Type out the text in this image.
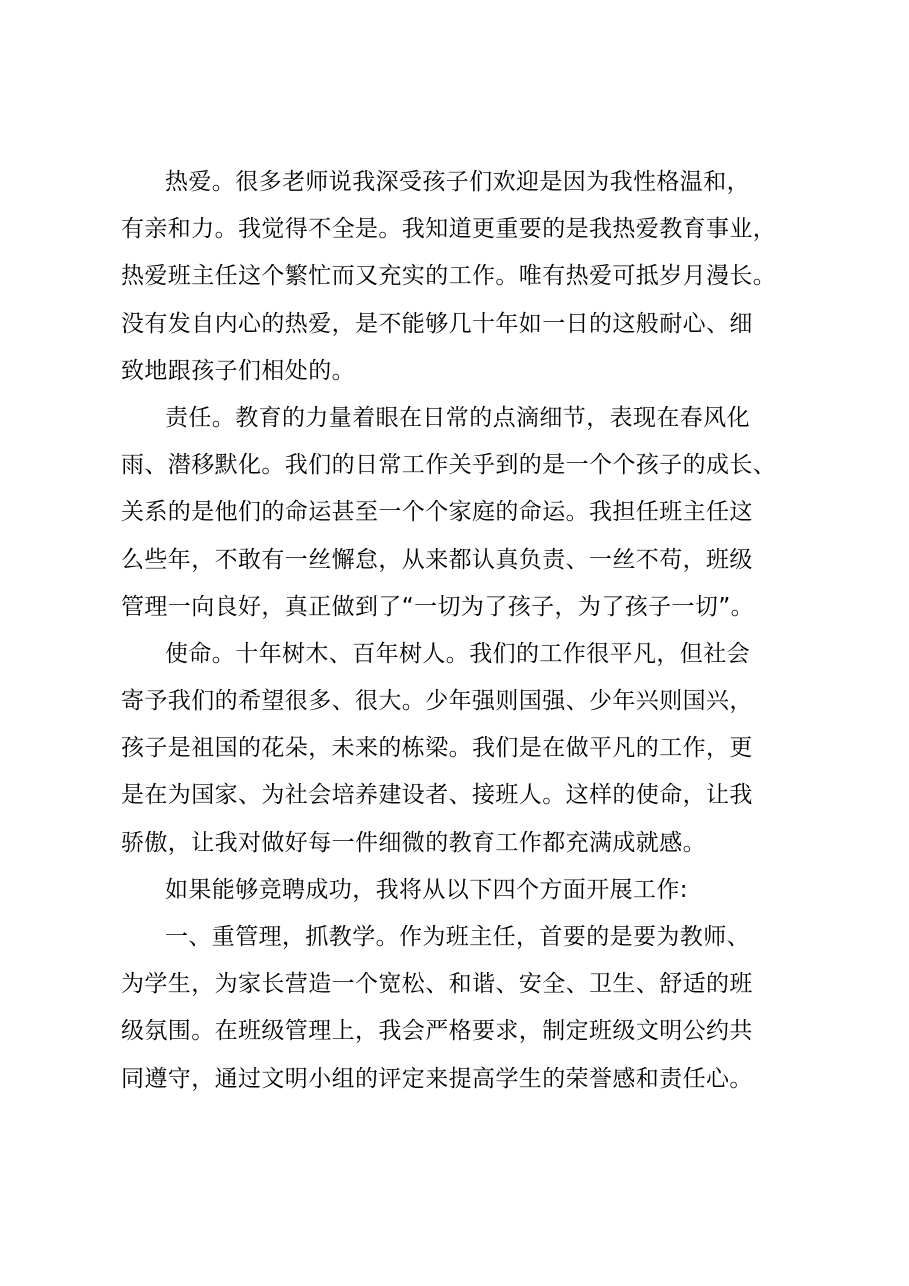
热爱。很多老师说我深受孩子们欢迎是因为我性格温和，
有亲和力。我觉得不全是。我知道更重要的是我热爱教育事业，
热爱班主任这个繁忙而又充实的工作。唯有热爱可抵岁月漫长。
没有发自内心的热爱，是不能够几十年如一日的这般耐心、细
致地跟孩子们相处的。
责任。教育的力量着眼在日常的点滴细节，表现在春风化
雨、潜移默化。我们的日常工作关乎到的是一个个孩子的成长、
关系的是他们的命运甚至一个个家庭的命运。我担任班主任这
么些年，不敢有一丝懈怠，从来都认真负责、一丝不苟，班级
管理一向良好，真正做到了“一切为了孩子，为了孩子一切”。
使命。十年树木、百年树人。我们的工作很平凡，但社会
寄予我们的希望很多、很大。少年强则国强、少年兴则国兴，
孩子是祖国的花朵，未来的栋梁。我们是在做平凡的工作，更
是在为国家、为社会培养建设者、接班人。这样的使命，让我
骄傲，让我对做好每一件细微的教育工作都充满成就感。
如果能够竞聘成功，我将从以下四个方面开展工作:
一、重管理，抓教学。作为班主任，首要的是要为教师、
为学生，为家长营造一个宽松、和谐、安全、卫生、舒适的班
级氛围。在班级管理上，我会严格要求，制定班级文明公约共
同遵守，通过文明小组的评定来提高学生的荣誉感和责任心。
